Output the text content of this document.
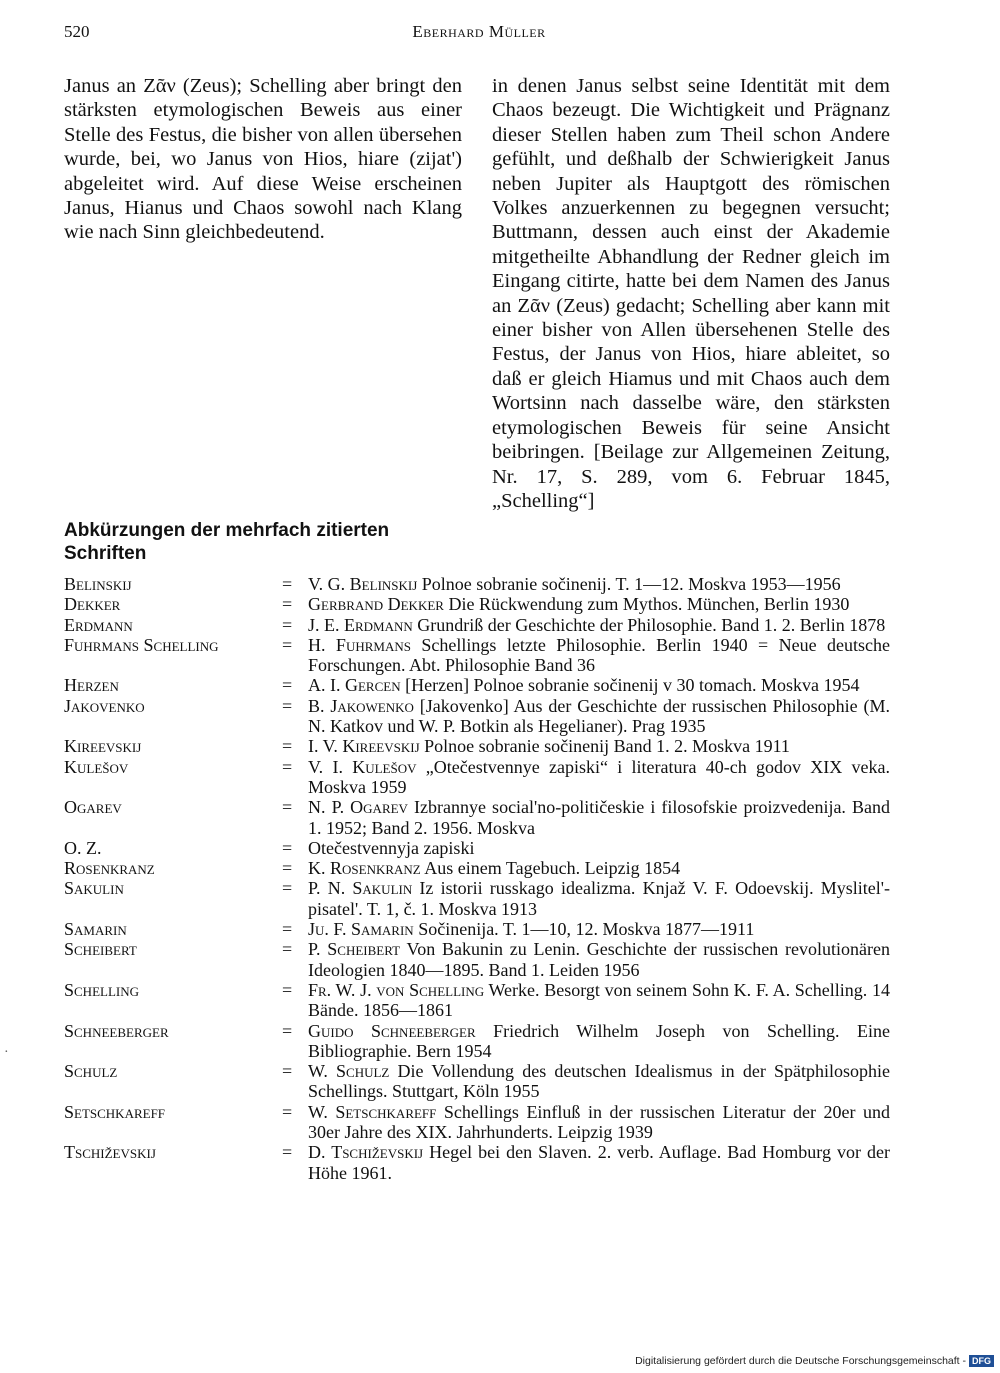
520	Eberhard Müller

Janus an Ζᾶν (Zeus); Schelling aber bringt den stärksten etymologischen Beweis aus einer Stelle des Festus, die bisher von allen übersehen wurde, bei, wo Janus von Hios, hiare (zijat') abgeleitet wird. Auf diese Weise erscheinen Janus, Hianus und Chaos sowohl nach Klang wie nach Sinn gleichbedeutend.

in denen Janus selbst seine Identität mit dem Chaos bezeugt. Die Wichtigkeit und Prägnanz dieser Stellen haben zum Theil schon Andere gefühlt, und deßhalb der Schwierigkeit Janus neben Jupiter als Hauptgott des römischen Volkes anzuerkennen zu begegnen versucht; Buttmann, dessen auch einst der Akademie mitgetheilte Abhandlung der Redner gleich im Eingang citirte, hatte bei dem Namen des Janus an Ζᾶν (Zeus) gedacht; Schelling aber kann mit einer bisher von Allen übersehenen Stelle des Festus, der Janus von Hios, hiare ableitet, so daß er gleich Hiamus und mit Chaos auch dem Wortsinn nach dasselbe wäre, den stärksten etymologischen Beweis für seine Ansicht beibringen. [Beilage zur Allgemeinen Zeitung, Nr. 17, S. 289, vom 6. Februar 1845, „Schelling“]

Abkürzungen der mehrfach zitierten Schriften
Belinskij	= V. G. Belinskij Polnoe sobranie sočinenij. T. 1—12. Moskva 1953—1956
Dekker	= Gerbrand Dekker Die Rückwendung zum Mythos. München, Berlin 1930
Erdmann	= J. E. Erdmann Grundriß der Geschichte der Philosophie. Band 1. 2. Berlin 1878
Fuhrmans Schelling	= H. Fuhrmans Schellings letzte Philosophie. Berlin 1940 = Neue deutsche Forschungen. Abt. Philosophie Band 36
Herzen	= A. I. Gercen [Herzen] Polnoe sobranie sočinenij v 30 tomach. Moskva 1954
Jakovenko	= B. Jakowenko [Jakovenko] Aus der Geschichte der russischen Philosophie (M. N. Katkov und W. P. Botkin als Hegelianer). Prag 1935
Kireevskij	= I. V. Kireevskij Polnoe sobranie sočinenij Band 1. 2. Moskva 1911
Kulešov	= V. I. Kulešov „Otečestvennye zapiski“ i literatura 40-ch godov XIX veka. Moskva 1959
Ogarev	= N. P. Ogarev Izbrannye social'no-političeskie i filosofskie proizvedenija. Band 1. 1952; Band 2. 1956. Moskva
O. Z.	= Otečestvennyja zapiski
Rosenkranz	= K. Rosenkranz Aus einem Tagebuch. Leipzig 1854
Sakulin	= P. N. Sakulin Iz istorii russkago idealizma. Knjaž V. F. Odoevskij. Myslitel'- pisatel'. T. 1, č. 1. Moskva 1913
Samarin	= Ju. F. Samarin Sočinenija. T. 1—10, 12. Moskva 1877—1911
Scheibert	= P. Scheibert Von Bakunin zu Lenin. Geschichte der russischen revolutionären Ideologien 1840—1895. Band 1. Leiden 1956
Schelling	= Fr. W. J. von Schelling Werke. Besorgt von seinem Sohn K. F. A. Schelling. 14 Bände. 1856—1861
Schneeberger	= Guido Schneeberger Friedrich Wilhelm Joseph von Schelling. Eine Bibliographie. Bern 1954
Schulz	= W. Schulz Die Vollendung des deutschen Idealismus in der Spätphilosophie Schellings. Stuttgart, Köln 1955
Setschkareff	= W. Setschkareff Schellings Einfluß in der russischen Literatur der 20er und 30er Jahre des XIX. Jahrhunderts. Leipzig 1939
Tschiževskij	= D. Tschiževskij Hegel bei den Slaven. 2. verb. Auflage. Bad Homburg vor der Höhe 1961.
·
Digitalisierung gefördert durch die Deutsche Forschungsgemeinschaft - DFG
